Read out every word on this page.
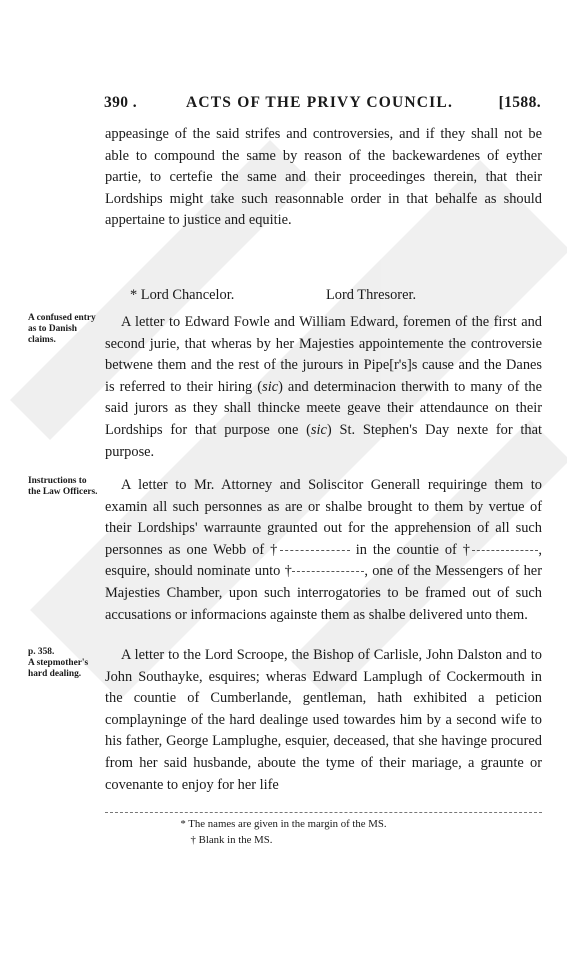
390 .	ACTS OF THE PRIVY COUNCIL.	[1588.
appeasinge of the said strifes and controversies, and if they shall not be able to compound the same by reason of the backewardenes of eyther partie, to certefie the same and their proceedinges therein, that their Lordships might take such reasonnable order in that behalfe as should appertaine to justice and equitie.
* Lord Chancelor.	Lord Thresorer.
A confused entry as to Danish claims.
A letter to Edward Fowle and William Edward, foremen of the first and second jurie, that wheras by her Majesties appointemente the controversie betwene them and the rest of the jurours in Pipe[r's]s cause and the Danes is referred to their hiring (sic) and determinacion therwith to many of the said jurors as they shall thincke meete geave their attendaunce on their Lordships for that purpose one (sic) St. Stephen's Day nexte for that purpose.
Instructions to the Law Officers.	A letter to Mr. Attorney and Soliscitor Generall requiringe them to examin all such personnes as are or shalbe brought to them by vertue of their Lordships' warraunte graunted out for the apprehension of all such personnes as one Webb of †	in the countie of †	, esquire, should nominate unto †	, one of the Messengers of her Majesties Chamber, upon such interrogatories to be framed out of such accusations or informacions againste them as shalbe delivered unto them.
p. 358.
A stepmother's hard dealing.
A letter to the Lord Scroope, the Bishop of Carlisle, John Dalston and to John Southayke, esquires; wheras Edward Lamplugh of Cockermouth in the countie of Cumberlande, gentleman, hath exhibited a peticion complayninge of the hard dealinge used towardes him by a second wife to his father, George Lamplughe, esquier, deceased, that she havinge procured from her said husbande, aboute the tyme of their mariage, a graunte or covenante to enjoy for her life
* The names are given in the margin of the MS.
† Blank in the MS.
